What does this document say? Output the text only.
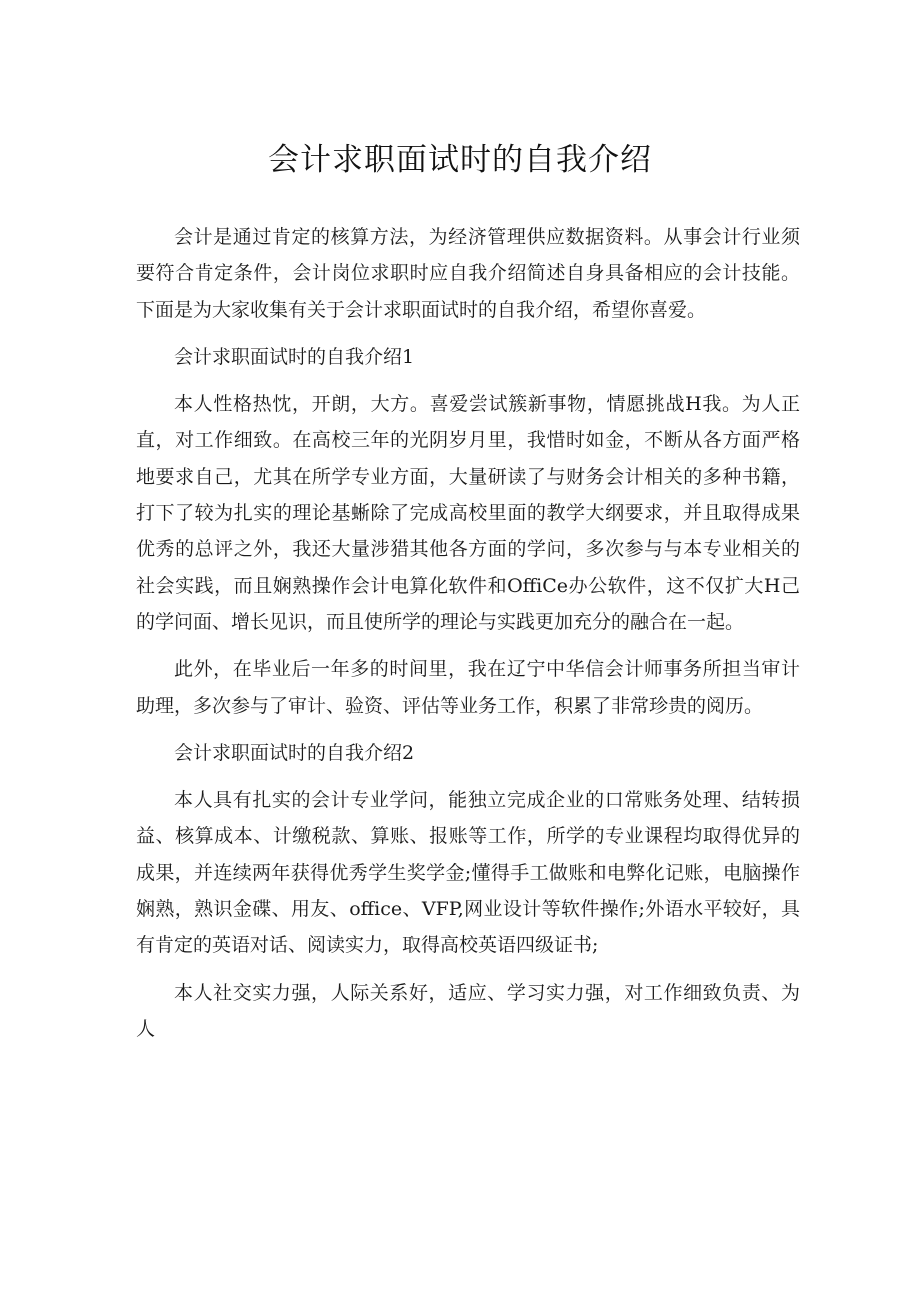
会计求职面试时的自我介绍

会计是通过肯定的核算方法，为经济管理供应数据资料。从事会计行业须要符合肯定条件，会计岗位求职时应自我介绍简述自身具备相应的会计技能。下面是为大家收集有关于会计求职面试时的自我介绍，希望你喜爱。

会计求职面试时的自我介绍1

本人性格热忱，开朗，大方。喜爱尝试簇新事物，情愿挑战H我。为人正直，对工作细致。在高校三年的光阴岁月里，我惜时如金，不断从各方面严格地要求自己，尤其在所学专业方面，大量研读了与财务会计相关的多种书籍，打下了较为扎实的理论基蜥除了完成高校里面的教学大纲要求，并且取得成果优秀的总评之外，我还大量涉猎其他各方面的学问，多次参与与本专业相关的社会实践，而且娴熟操作会计电算化软件和OffiCe办公软件，这不仅扩大H己的学问面、增长见识，而且使所学的理论与实践更加充分的融合在一起。

此外，在毕业后一年多的时间里，我在辽宁中华信会计师事务所担当审计助理，多次参与了审计、验资、评估等业务工作，积累了非常珍贵的阅历。

会计求职面试时的自我介绍2

本人具有扎实的会计专业学问，能独立完成企业的口常账务处理、结转损益、核算成本、计缴税款、算账、报账等工作，所学的专业课程均取得优异的成果，并连续两年获得优秀学生奖学金;懂得手工做账和电弊化记账，电脑操作娴熟，熟识金碟、用友、office、VFP,网业设计等软件操作;外语水平较好，具有肯定的英语对话、阅读实力，取得高校英语四级证书;

本人社交实力强，人际关系好，适应、学习实力强，对工作细致负责、为人
